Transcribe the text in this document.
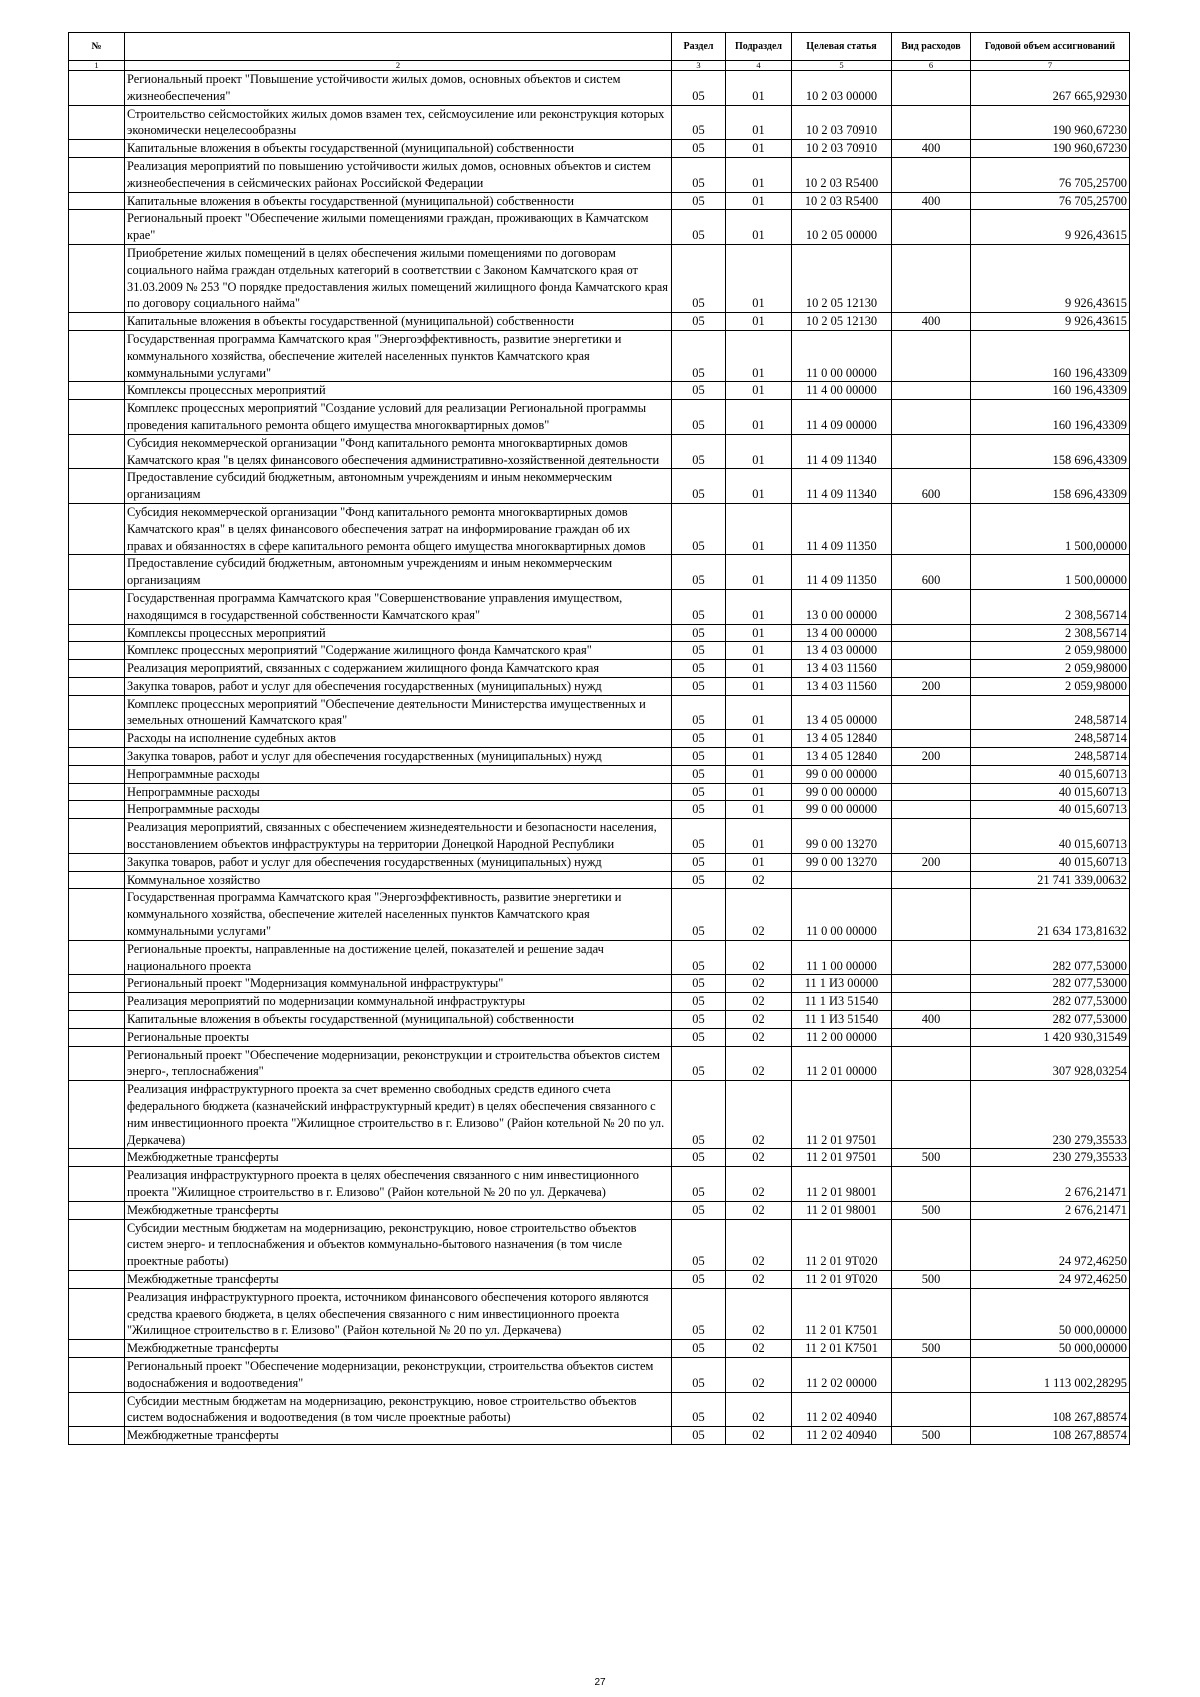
№		Раздел	Подраздел	Целевая статья	Вид расходов	Годовой объем ассигнований
1	2	3	4	5	6	7
	Региональный проект "Повышение устойчивости жилых домов, основных объектов и систем жизнеобеспечения"	05	01	10 2 03 00000		267 665,92930
	Строительство сейсмостойких жилых домов взамен тех, сейсмоусиление или реконструкция которых экономически нецелесообразны	05	01	10 2 03 70910		190 960,67230
	Капитальные вложения в объекты государственной (муниципальной) собственности	05	01	10 2 03 70910	400	190 960,67230
	Реализация мероприятий по повышению устойчивости жилых домов, основных объектов и систем жизнеобеспечения в сейсмических районах Российской Федерации	05	01	10 2 03 R5400		76 705,25700
	Капитальные вложения в объекты государственной (муниципальной) собственности	05	01	10 2 03 R5400	400	76 705,25700
	Региональный проект "Обеспечение жилыми помещениями граждан, проживающих в Камчатском крае"	05	01	10 2 05 00000		9 926,43615
	Приобретение жилых помещений в целях обеспечения жилыми помещениями по договорам социального найма граждан отдельных категорий в соответствии с Законом Камчатского края от 31.03.2009 № 253 "О порядке предоставления жилых помещений жилищного фонда Камчатского края по договору социального найма"	05	01	10 2 05 12130		9 926,43615
	Капитальные вложения в объекты государственной (муниципальной) собственности	05	01	10 2 05 12130	400	9 926,43615
	Государственная программа Камчатского края "Энергоэффективность, развитие энергетики и коммунального хозяйства, обеспечение жителей населенных пунктов Камчатского края коммунальными услугами"	05	01	11 0 00 00000		160 196,43309
	Комплексы процессных мероприятий	05	01	11 4 00 00000		160 196,43309
	Комплекс процессных мероприятий "Создание условий для реализации Региональной программы проведения капитального ремонта общего имущества многоквартирных домов"	05	01	11 4 09 00000		160 196,43309
	Субсидия некоммерческой организации "Фонд капитального ремонта многоквартирных домов Камчатского края "в целях финансового обеспечения административно-хозяйственной деятельности	05	01	11 4 09 11340		158 696,43309
	Предоставление субсидий бюджетным, автономным учреждениям и иным некоммерческим организациям	05	01	11 4 09 11340	600	158 696,43309
	Субсидия некоммерческой организации "Фонд капитального ремонта многоквартирных домов Камчатского края" в целях финансового обеспечения затрат на информирование граждан об их правах и обязанностях в сфере капитального ремонта общего имущества многоквартирных домов	05	01	11 4 09 11350		1 500,00000
	Предоставление субсидий бюджетным, автономным учреждениям и иным некоммерческим организациям	05	01	11 4 09 11350	600	1 500,00000
	Государственная программа Камчатского края "Совершенствование управления имуществом, находящимся в государственной собственности Камчатского края"	05	01	13 0 00 00000		2 308,56714
	Комплексы процессных мероприятий	05	01	13 4 00 00000		2 308,56714
	Комплекс процессных мероприятий "Содержание жилищного фонда Камчатского края"	05	01	13 4 03 00000		2 059,98000
	Реализация мероприятий, связанных с содержанием жилищного фонда Камчатского края	05	01	13 4 03 11560		2 059,98000
	Закупка товаров, работ и услуг для обеспечения государственных (муниципальных) нужд	05	01	13 4 03 11560	200	2 059,98000
	Комплекс процессных мероприятий "Обеспечение деятельности Министерства имущественных и земельных отношений Камчатского края"	05	01	13 4 05 00000		248,58714
	Расходы на исполнение судебных актов	05	01	13 4 05 12840		248,58714
	Закупка товаров, работ и услуг для обеспечения государственных (муниципальных) нужд	05	01	13 4 05 12840	200	248,58714
	Непрограммные расходы	05	01	99 0 00 00000		40 015,60713
	Непрограммные расходы	05	01	99 0 00 00000		40 015,60713
	Непрограммные расходы	05	01	99 0 00 00000		40 015,60713
	Реализация мероприятий, связанных с обеспечением жизнедеятельности и безопасности населения, восстановлением объектов инфраструктуры на территории Донецкой Народной Республики	05	01	99 0 00 13270		40 015,60713
	Закупка товаров, работ и услуг для обеспечения государственных (муниципальных) нужд	05	01	99 0 00 13270	200	40 015,60713
	Коммунальное хозяйство	05	02			21 741 339,00632
	Государственная программа Камчатского края "Энергоэффективность, развитие энергетики и коммунального хозяйства, обеспечение жителей населенных пунктов Камчатского края коммунальными услугами"	05	02	11 0 00 00000		21 634 173,81632
	Региональные проекты, направленные на достижение целей, показателей и решение задач национального проекта	05	02	11 1 00 00000		282 077,53000
	Региональный проект "Модернизация коммунальной инфраструктуры"	05	02	11 1 И3 00000		282 077,53000
	Реализация мероприятий по модернизации коммунальной инфраструктуры	05	02	11 1 И3 51540		282 077,53000
	Капитальные вложения в объекты государственной (муниципальной) собственности	05	02	11 1 И3 51540	400	282 077,53000
	Региональные проекты	05	02	11 2 00 00000		1 420 930,31549
	Региональный проект "Обеспечение модернизации, реконструкции и строительства объектов систем энерго-, теплоснабжения"	05	02	11 2 01 00000		307 928,03254
	Реализация инфраструктурного проекта за счет временно свободных средств единого счета федерального бюджета (казначейский инфраструктурный кредит) в целях обеспечения связанного с ним инвестиционного проекта "Жилищное строительство в г. Елизово" (Район котельной № 20 по ул. Деркачева)	05	02	11 2 01 97501		230 279,35533
	Межбюджетные трансферты	05	02	11 2 01 97501	500	230 279,35533
	Реализация инфраструктурного проекта в целях обеспечения связанного с ним инвестиционного проекта "Жилищное строительство в г. Елизово" (Район котельной № 20 по ул. Деркачева)	05	02	11 2 01 98001		2 676,21471
	Межбюджетные трансферты	05	02	11 2 01 98001	500	2 676,21471
	Субсидии местным бюджетам на модернизацию, реконструкцию, новое строительство объектов систем энерго- и теплоснабжения и объектов коммунально-бытового назначения (в том числе проектные работы)	05	02	11 2 01 9Т020		24 972,46250
	Межбюджетные трансферты	05	02	11 2 01 9Т020	500	24 972,46250
	Реализация инфраструктурного проекта, источником финансового обеспечения которого являются средства краевого бюджета, в целях обеспечения связанного с ним инвестиционного проекта "Жилищное строительство в г. Елизово" (Район котельной № 20 по ул. Деркачева)	05	02	11 2 01 К7501		50 000,00000
	Межбюджетные трансферты	05	02	11 2 01 К7501	500	50 000,00000
	Региональный проект "Обеспечение модернизации, реконструкции, строительства объектов систем водоснабжения и водоотведения"	05	02	11 2 02 00000		1 113 002,28295
	Субсидии местным бюджетам на модернизацию, реконструкцию, новое строительство объектов систем водоснабжения и водоотведения (в том числе проектные работы)	05	02	11 2 02 40940		108 267,88574
	Межбюджетные трансферты	05	02	11 2 02 40940	500	108 267,88574
27
